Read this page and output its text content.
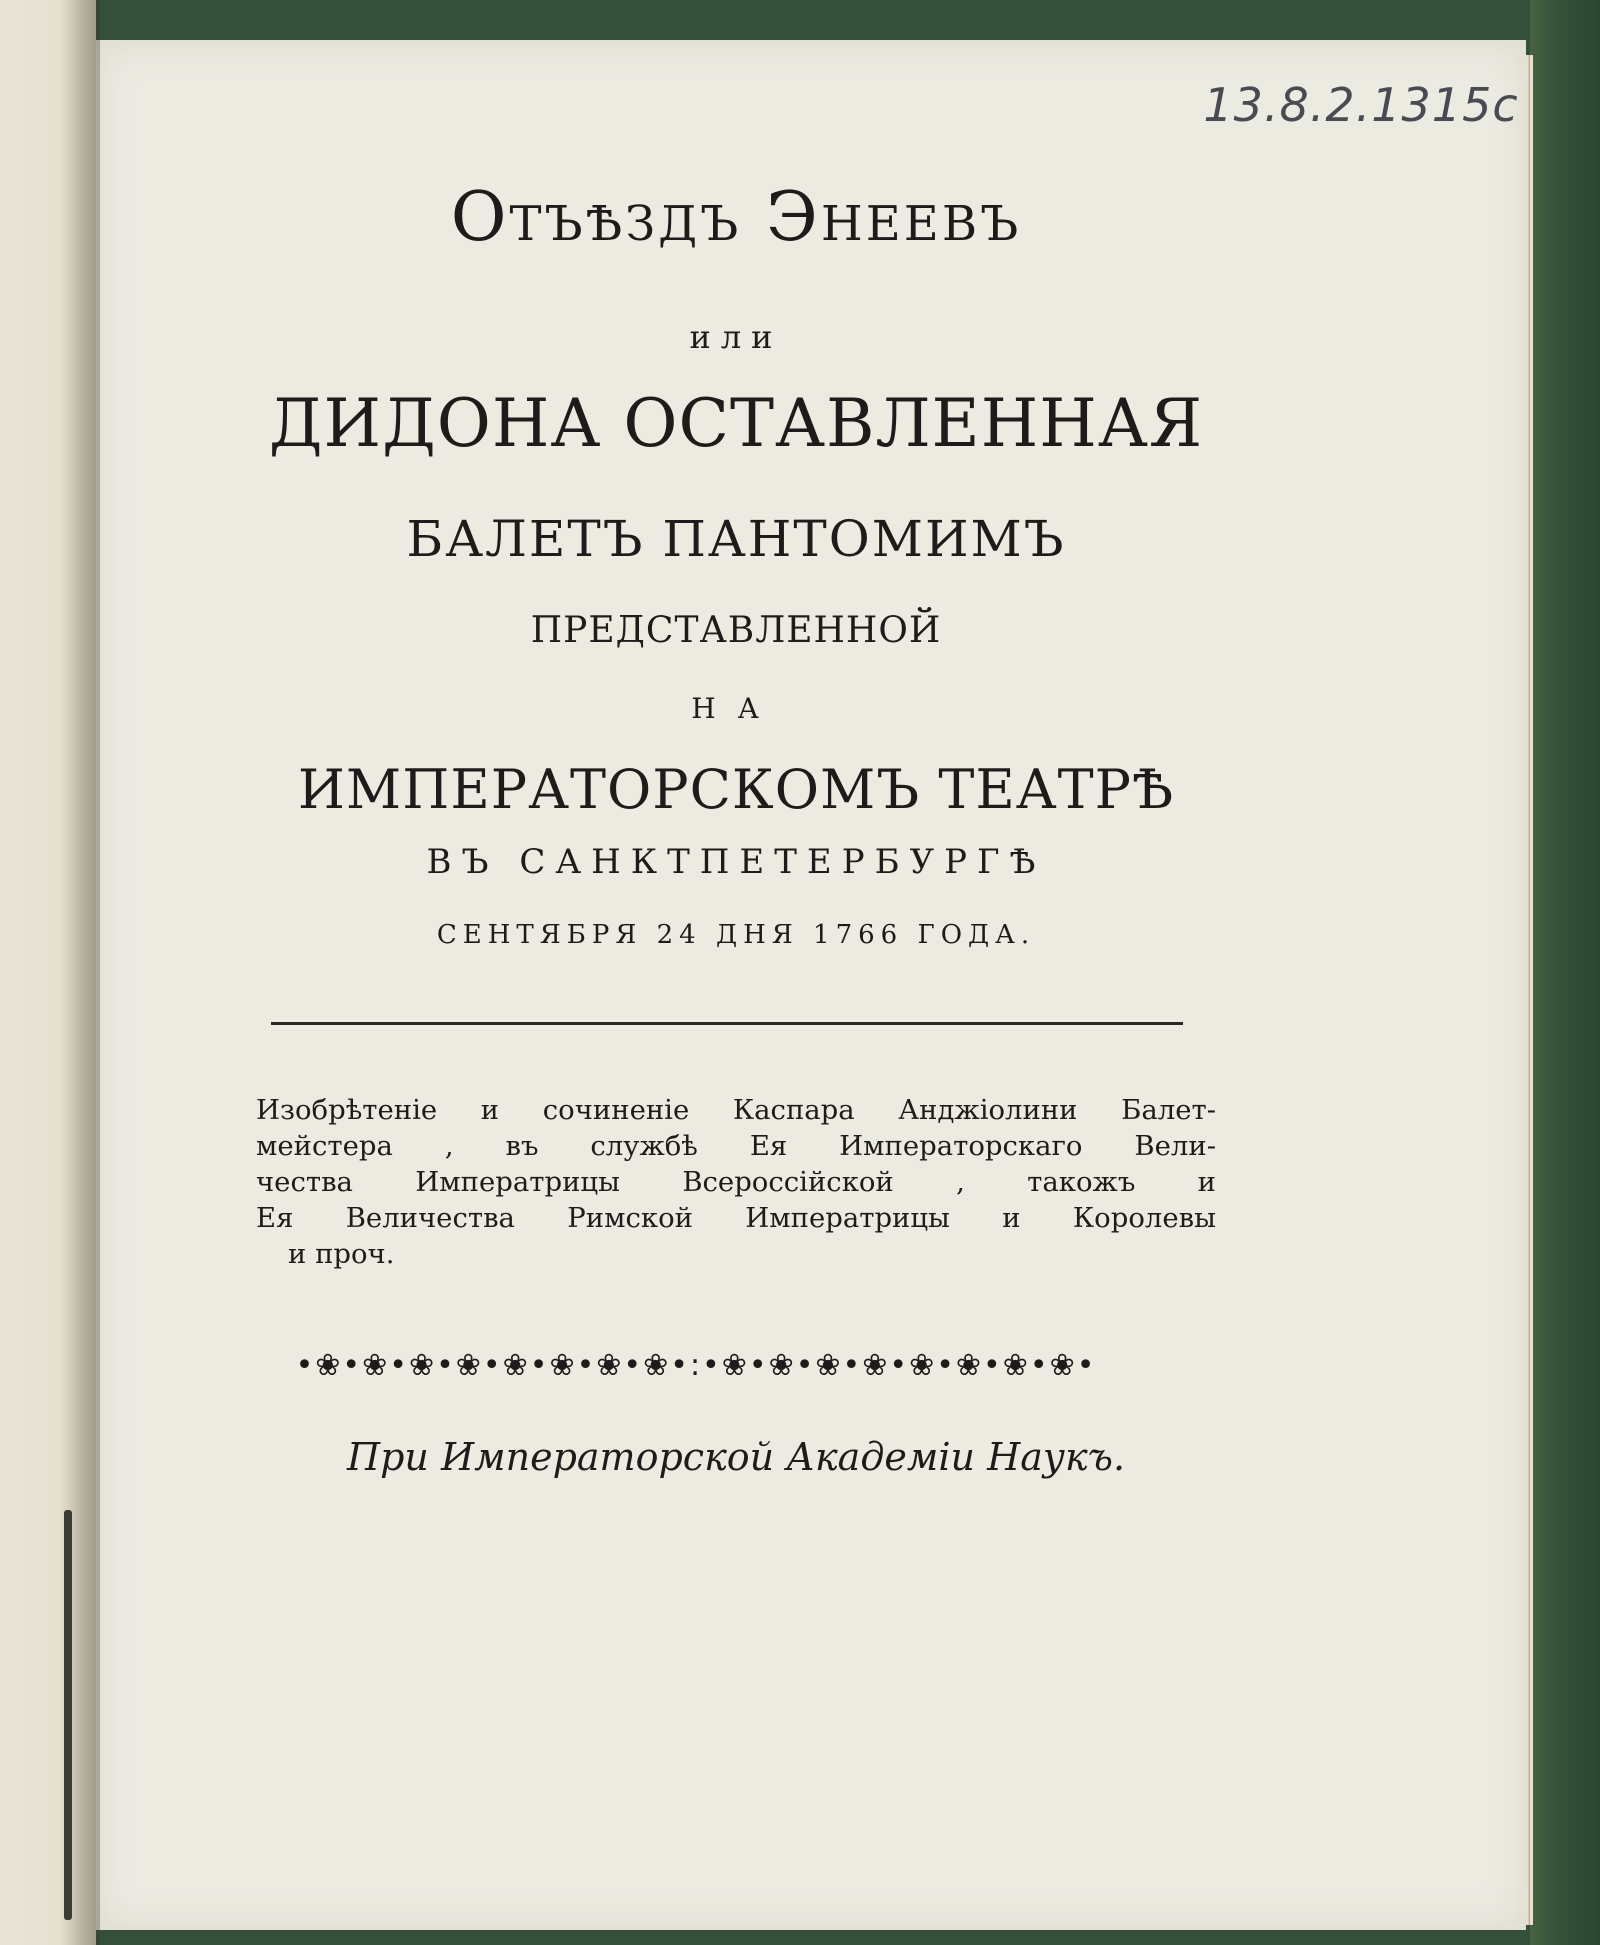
13.8.2.1315c
Отъѣздъ Энеевъ
или
ДИДОНА ОСТАВЛЕННАЯ
БАЛЕТЪ ПАНТОМИМЪ
ПРЕДСТАВЛЕННОЙ
НА
ИМПЕРАТОРСКОМЪ ТЕАТРѢ
ВЪ САНКТПЕТЕРБУРГѢ
СЕНТЯБРЯ 24 ДНЯ 1766 ГОДА.
Изобрѣтеніе и сочиненіе Каспара Анджіолини Балет-
мейстера , въ службѣ Ея Императорскаго Вели-
чества Императрицы Всероссійской , такожъ и
Ея Величества Римской Императрицы и Королевы
и проч.
•❀•❀•❀•❀•❀•❀•❀•❀•:•❀•❀•❀•❀•❀•❀•❀•❀•
При Императорской Академіи Наукъ.
